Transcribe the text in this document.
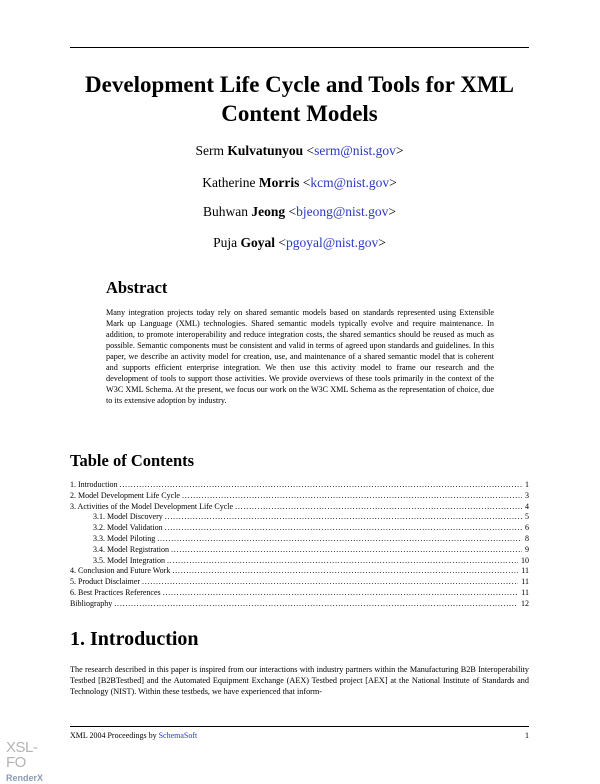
Development Life Cycle and Tools for XML Content Models
Serm Kulvatunyou <serm@nist.gov>
Katherine Morris <kcm@nist.gov>
Buhwan Jeong <bjeong@nist.gov>
Puja Goyal <pgoyal@nist.gov>
Abstract

Many integration projects today rely on shared semantic models based on standards represented using Extensible Mark up Language (XML) technologies. Shared semantic models typically evolve and require maintenance. In addition, to promote interoperability and reduce integration costs, the shared semantics should be reused as much as possible. Semantic components must be consistent and valid in terms of agreed upon standards and guidelines. In this paper, we describe an activity model for creation, use, and maintenance of a shared semantic model that is coherent and supports efficient enterprise integration. We then use this activity model to frame our research and the development of tools to support those activities. We provide overviews of these tools primarily in the context of the W3C XML Schema. At the present, we focus our work on the W3C XML Schema as the representation of choice, due to its extensive adoption by industry.

Table of Contents
1. Introduction . . .	1
2. Model Development Life Cycle . . .	3
3. Activities of the Model Development Life Cycle . . .	4
3.1. Model Discovery . . .	5
3.2. Model Validation . . .	6
3.3. Model Piloting . . .	8
3.4. Model Registration . . .	9
3.5. Model Integration . . .	10
4. Conclusion and Future Work . . .	11
5. Product Disclaimer . . .	11
6. Best Practices References . . .	11
Bibliography . . .	12
1. Introduction

The research described in this paper is inspired from our interactions with industry partners within the Manufacturing B2B Interoperability Testbed [B2BTestbed] and the Automated Equipment Exchange (AEX) Testbed project [AEX] at the National Institute of Standards and Technology (NIST). Within these testbeds, we have experienced that inform-

XML 2004 Proceedings by SchemaSoft	1
XSL-FO
RenderX
